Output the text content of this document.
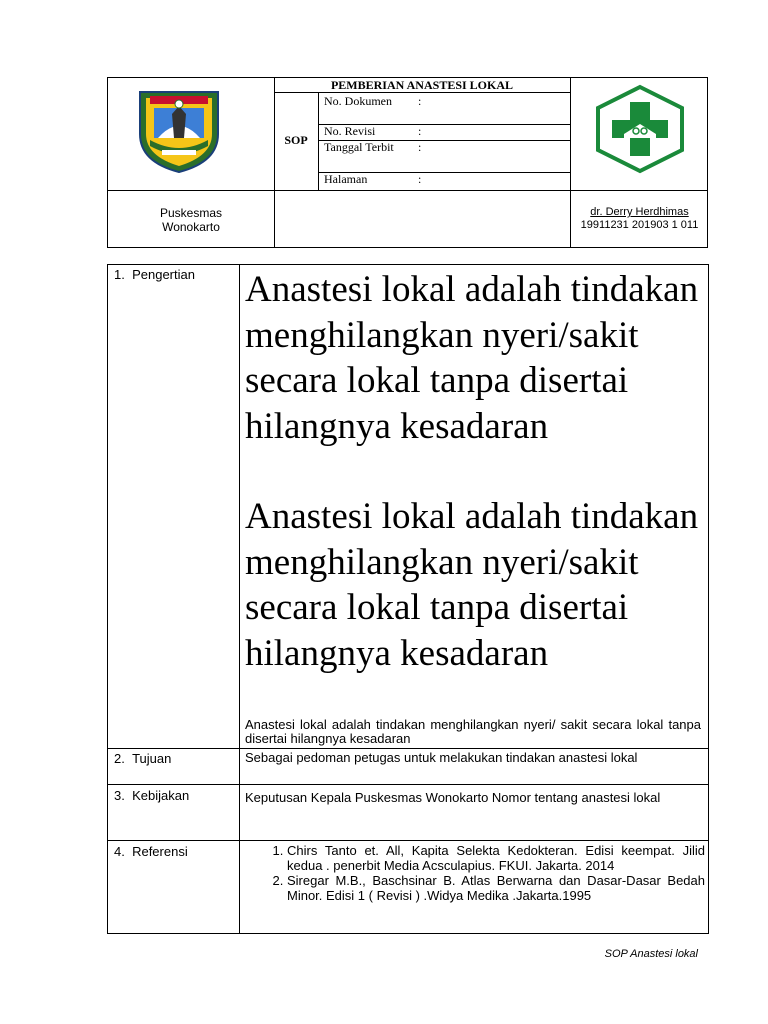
PEMBERIAN ANASTESI LOKAL
SOP
No. Dokumen	:
No. Revisi	:
Tanggal Terbit :
Halaman	:
Puskesmas
Wonokarto
dr. Derry Herdhimas
19911231 201903 1 011
1. Pengertian Anastesi lokal adalah tindakan menghilangkan nyeri/sakit secara lokal tanpa disertai hilangnya kesadaran
Anastesi lokal adalah tindakan menghilangkan nyeri/sakit secara lokal tanpa disertai hilangnya kesadaran
Anastesi lokal adalah tindakan menghilangkan nyeri/ sakit secara lokal tanpa disertai hilangnya kesadaran
2. Tujuan	Sebagai pedoman petugas untuk melakukan tindakan anastesi lokal
3. Kebijakan	Keputusan Kepala Puskesmas Wonokarto Nomor tentang anastesi lokal
4. Referensi
1.	Chirs Tanto et. All, Kapita Selekta Kedokteran. Edisi keempat. Jilid kedua . penerbit Media Acsculapius. FKUI. Jakarta. 2014
2. Siregar M.B., Baschsinar B. Atlas Berwarna dan Dasar-Dasar Bedah Minor. Edisi 1 ( Revisi ) .Widya Medika .Jakarta.1995
SOP Anastesi lokal
